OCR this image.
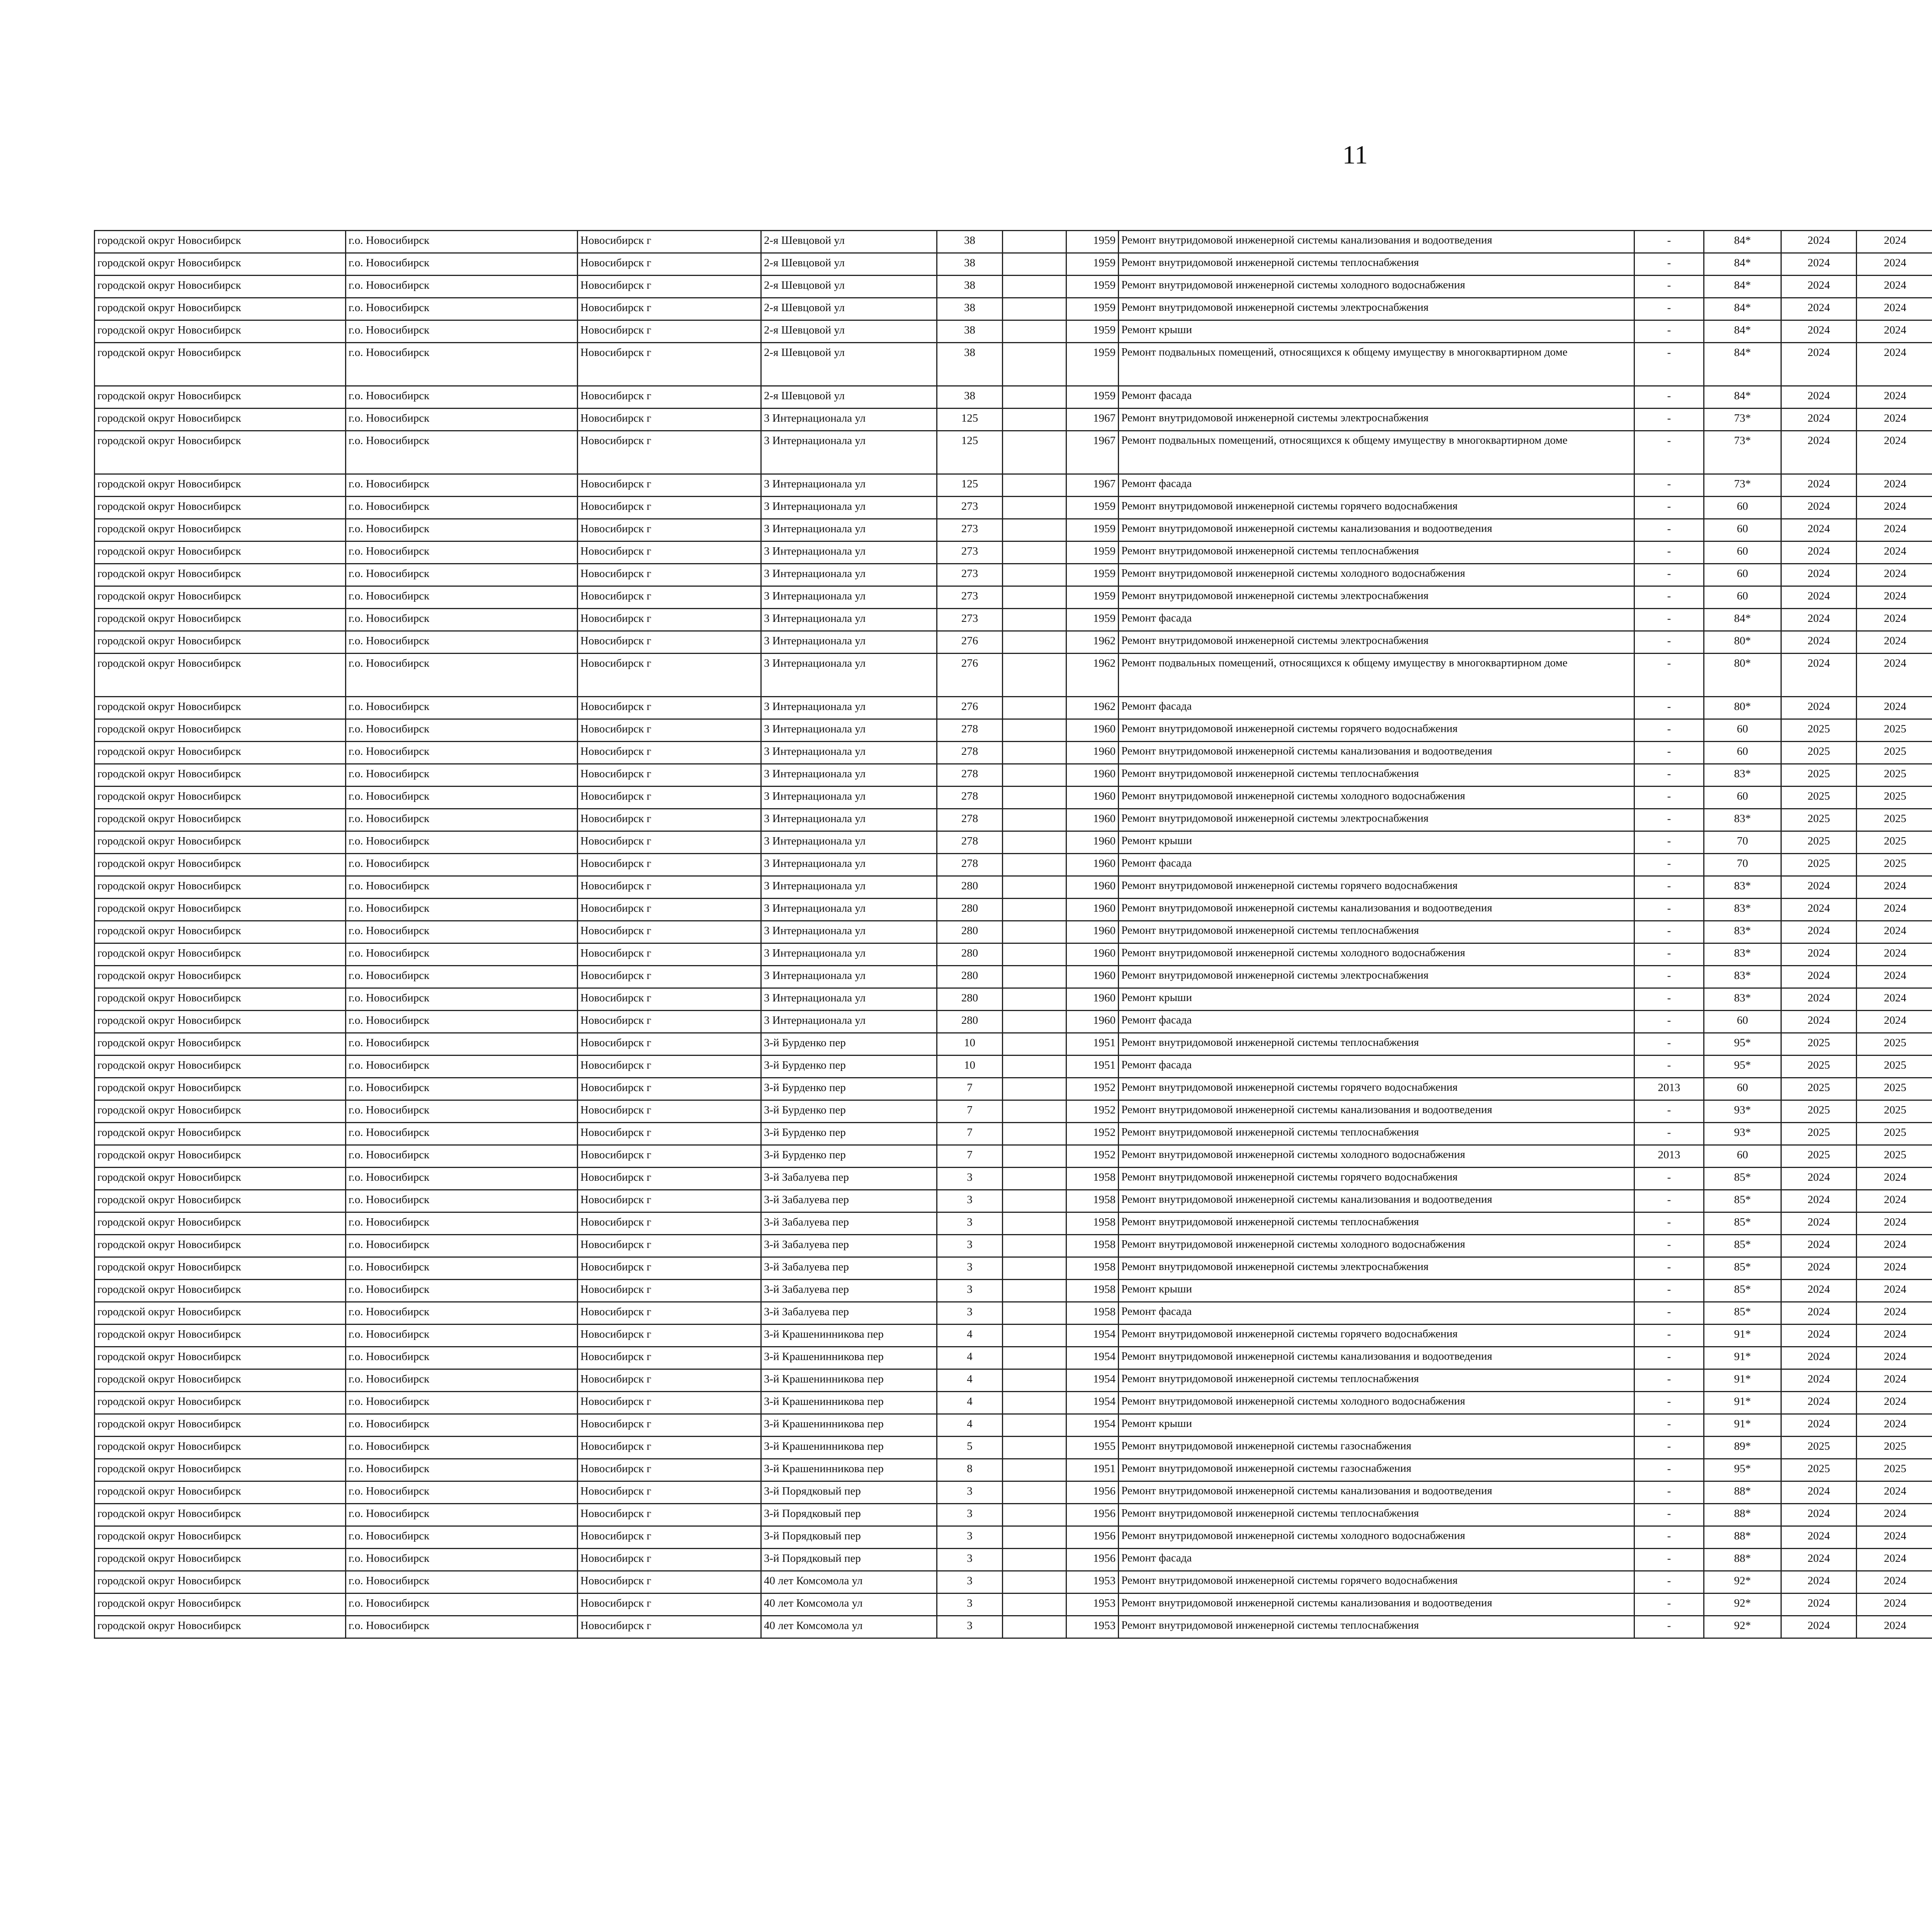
11
городской округ Новосибирск	г.о. Новосибирск	Новосибирск г	2-я Шевцовой ул	38		1959	Ремонт внутридомовой инженерной системы канализования и водоотведения	-	84*	2024	2024					
городской округ Новосибирск	г.о. Новосибирск	Новосибирск г	2-я Шевцовой ул	38		1959	Ремонт внутридомовой инженерной системы теплоснабжения	-	84*	2024	2024					
городской округ Новосибирск	г.о. Новосибирск	Новосибирск г	2-я Шевцовой ул	38		1959	Ремонт внутридомовой инженерной системы холодного водоснабжения	-	84*	2024	2024					
городской округ Новосибирск	г.о. Новосибирск	Новосибирск г	2-я Шевцовой ул	38		1959	Ремонт внутридомовой инженерной системы электроснабжения	-	84*	2024	2024					
городской округ Новосибирск	г.о. Новосибирск	Новосибирск г	2-я Шевцовой ул	38		1959	Ремонт крыши	-	84*	2024	2024					
городской округ Новосибирск	г.о. Новосибирск	Новосибирск г	2-я Шевцовой ул	38		1959	Ремонт подвальных помещений, относящихся к общему имуществу в многоквартирном доме	-	84*	2024	2024					
городской округ Новосибирск	г.о. Новосибирск	Новосибирск г	2-я Шевцовой ул	38		1959	Ремонт фасада	-	84*	2024	2024					
городской округ Новосибирск	г.о. Новосибирск	Новосибирск г	3 Интернационала ул	125		1967	Ремонт внутридомовой инженерной системы электроснабжения	-	73*	2024	2024					
городской округ Новосибирск	г.о. Новосибирск	Новосибирск г	3 Интернационала ул	125		1967	Ремонт подвальных помещений, относящихся к общему имуществу в многоквартирном доме	-	73*	2024	2024					
городской округ Новосибирск	г.о. Новосибирск	Новосибирск г	3 Интернационала ул	125		1967	Ремонт фасада	-	73*	2024	2024					
городской округ Новосибирск	г.о. Новосибирск	Новосибирск г	3 Интернационала ул	273		1959	Ремонт внутридомовой инженерной системы горячего водоснабжения	-	60	2024	2024					
городской округ Новосибирск	г.о. Новосибирск	Новосибирск г	3 Интернационала ул	273		1959	Ремонт внутридомовой инженерной системы канализования и водоотведения	-	60	2024	2024					
городской округ Новосибирск	г.о. Новосибирск	Новосибирск г	3 Интернационала ул	273		1959	Ремонт внутридомовой инженерной системы теплоснабжения	-	60	2024	2024					
городской округ Новосибирск	г.о. Новосибирск	Новосибирск г	3 Интернационала ул	273		1959	Ремонт внутридомовой инженерной системы холодного водоснабжения	-	60	2024	2024					
городской округ Новосибирск	г.о. Новосибирск	Новосибирск г	3 Интернационала ул	273		1959	Ремонт внутридомовой инженерной системы электроснабжения	-	60	2024	2024					
городской округ Новосибирск	г.о. Новосибирск	Новосибирск г	3 Интернационала ул	273		1959	Ремонт фасада	-	84*	2024	2024					
городской округ Новосибирск	г.о. Новосибирск	Новосибирск г	3 Интернационала ул	276		1962	Ремонт внутридомовой инженерной системы электроснабжения	-	80*	2024	2024					
городской округ Новосибирск	г.о. Новосибирск	Новосибирск г	3 Интернационала ул	276		1962	Ремонт подвальных помещений, относящихся к общему имуществу в многоквартирном доме	-	80*	2024	2024					
городской округ Новосибирск	г.о. Новосибирск	Новосибирск г	3 Интернационала ул	276		1962	Ремонт фасада	-	80*	2024	2024					
городской округ Новосибирск	г.о. Новосибирск	Новосибирск г	3 Интернационала ул	278		1960	Ремонт внутридомовой инженерной системы горячего водоснабжения	-	60	2025	2025					
городской округ Новосибирск	г.о. Новосибирск	Новосибирск г	3 Интернационала ул	278		1960	Ремонт внутридомовой инженерной системы канализования и водоотведения	-	60	2025	2025					
городской округ Новосибирск	г.о. Новосибирск	Новосибирск г	3 Интернационала ул	278		1960	Ремонт внутридомовой инженерной системы теплоснабжения	-	83*	2025	2025					
городской округ Новосибирск	г.о. Новосибирск	Новосибирск г	3 Интернационала ул	278		1960	Ремонт внутридомовой инженерной системы холодного водоснабжения	-	60	2025	2025					
городской округ Новосибирск	г.о. Новосибирск	Новосибирск г	3 Интернационала ул	278		1960	Ремонт внутридомовой инженерной системы электроснабжения	-	83*	2025	2025					
городской округ Новосибирск	г.о. Новосибирск	Новосибирск г	3 Интернационала ул	278		1960	Ремонт крыши	-	70	2025	2025					
городской округ Новосибирск	г.о. Новосибирск	Новосибирск г	3 Интернационала ул	278		1960	Ремонт фасада	-	70	2025	2025					
городской округ Новосибирск	г.о. Новосибирск	Новосибирск г	3 Интернационала ул	280		1960	Ремонт внутридомовой инженерной системы горячего водоснабжения	-	83*	2024	2024					
городской округ Новосибирск	г.о. Новосибирск	Новосибирск г	3 Интернационала ул	280		1960	Ремонт внутридомовой инженерной системы канализования и водоотведения	-	83*	2024	2024					
городской округ Новосибирск	г.о. Новосибирск	Новосибирск г	3 Интернационала ул	280		1960	Ремонт внутридомовой инженерной системы теплоснабжения	-	83*	2024	2024					
городской округ Новосибирск	г.о. Новосибирск	Новосибирск г	3 Интернационала ул	280		1960	Ремонт внутридомовой инженерной системы холодного водоснабжения	-	83*	2024	2024					
городской округ Новосибирск	г.о. Новосибирск	Новосибирск г	3 Интернационала ул	280		1960	Ремонт внутридомовой инженерной системы электроснабжения	-	83*	2024	2024					
городской округ Новосибирск	г.о. Новосибирск	Новосибирск г	3 Интернационала ул	280		1960	Ремонт крыши	-	83*	2024	2024					
городской округ Новосибирск	г.о. Новосибирск	Новосибирск г	3 Интернационала ул	280		1960	Ремонт фасада	-	60	2024	2024					
городской округ Новосибирск	г.о. Новосибирск	Новосибирск г	3-й Бурденко пер	10		1951	Ремонт внутридомовой инженерной системы теплоснабжения	-	95*	2025	2025					
городской округ Новосибирск	г.о. Новосибирск	Новосибирск г	3-й Бурденко пер	10		1951	Ремонт фасада	-	95*	2025	2025					
городской округ Новосибирск	г.о. Новосибирск	Новосибирск г	3-й Бурденко пер	7		1952	Ремонт внутридомовой инженерной системы горячего водоснабжения	2013	60	2025	2025					
городской округ Новосибирск	г.о. Новосибирск	Новосибирск г	3-й Бурденко пер	7		1952	Ремонт внутридомовой инженерной системы канализования и водоотведения	-	93*	2025	2025					
городской округ Новосибирск	г.о. Новосибирск	Новосибирск г	3-й Бурденко пер	7		1952	Ремонт внутридомовой инженерной системы теплоснабжения	-	93*	2025	2025					
городской округ Новосибирск	г.о. Новосибирск	Новосибирск г	3-й Бурденко пер	7		1952	Ремонт внутридомовой инженерной системы холодного водоснабжения	2013	60	2025	2025					
городской округ Новосибирск	г.о. Новосибирск	Новосибирск г	3-й Забалуева пер	3		1958	Ремонт внутридомовой инженерной системы горячего водоснабжения	-	85*	2024	2024					
городской округ Новосибирск	г.о. Новосибирск	Новосибирск г	3-й Забалуева пер	3		1958	Ремонт внутридомовой инженерной системы канализования и водоотведения	-	85*	2024	2024					
городской округ Новосибирск	г.о. Новосибирск	Новосибирск г	3-й Забалуева пер	3		1958	Ремонт внутридомовой инженерной системы теплоснабжения	-	85*	2024	2024					
городской округ Новосибирск	г.о. Новосибирск	Новосибирск г	3-й Забалуева пер	3		1958	Ремонт внутридомовой инженерной системы холодного водоснабжения	-	85*	2024	2024					
городской округ Новосибирск	г.о. Новосибирск	Новосибирск г	3-й Забалуева пер	3		1958	Ремонт внутридомовой инженерной системы электроснабжения	-	85*	2024	2024					
городской округ Новосибирск	г.о. Новосибирск	Новосибирск г	3-й Забалуева пер	3		1958	Ремонт крыши	-	85*	2024	2024					
городской округ Новосибирск	г.о. Новосибирск	Новосибирск г	3-й Забалуева пер	3		1958	Ремонт фасада	-	85*	2024	2024					
городской округ Новосибирск	г.о. Новосибирск	Новосибирск г	3-й Крашенинникова пер	4		1954	Ремонт внутридомовой инженерной системы горячего водоснабжения	-	91*	2024	2024					
городской округ Новосибирск	г.о. Новосибирск	Новосибирск г	3-й Крашенинникова пер	4		1954	Ремонт внутридомовой инженерной системы канализования и водоотведения	-	91*	2024	2024					
городской округ Новосибирск	г.о. Новосибирск	Новосибирск г	3-й Крашенинникова пер	4		1954	Ремонт внутридомовой инженерной системы теплоснабжения	-	91*	2024	2024					
городской округ Новосибирск	г.о. Новосибирск	Новосибирск г	3-й Крашенинникова пер	4		1954	Ремонт внутридомовой инженерной системы холодного водоснабжения	-	91*	2024	2024					
городской округ Новосибирск	г.о. Новосибирск	Новосибирск г	3-й Крашенинникова пер	4		1954	Ремонт крыши	-	91*	2024	2024					
городской округ Новосибирск	г.о. Новосибирск	Новосибирск г	3-й Крашенинникова пер	5		1955	Ремонт внутридомовой инженерной системы газоснабжения	-	89*	2025	2025					
городской округ Новосибирск	г.о. Новосибирск	Новосибирск г	3-й Крашенинникова пер	8		1951	Ремонт внутридомовой инженерной системы газоснабжения	-	95*	2025	2025					
городской округ Новосибирск	г.о. Новосибирск	Новосибирск г	3-й Порядковый пер	3		1956	Ремонт внутридомовой инженерной системы канализования и водоотведения	-	88*	2024	2024					
городской округ Новосибирск	г.о. Новосибирск	Новосибирск г	3-й Порядковый пер	3		1956	Ремонт внутридомовой инженерной системы теплоснабжения	-	88*	2024	2024					
городской округ Новосибирск	г.о. Новосибирск	Новосибирск г	3-й Порядковый пер	3		1956	Ремонт внутридомовой инженерной системы холодного водоснабжения	-	88*	2024	2024					
городской округ Новосибирск	г.о. Новосибирск	Новосибирск г	3-й Порядковый пер	3		1956	Ремонт фасада	-	88*	2024	2024					
городской округ Новосибирск	г.о. Новосибирск	Новосибирск г	40 лет Комсомола ул	3		1953	Ремонт внутридомовой инженерной системы горячего водоснабжения	-	92*	2024	2024					
городской округ Новосибирск	г.о. Новосибирск	Новосибирск г	40 лет Комсомола ул	3		1953	Ремонт внутридомовой инженерной системы канализования и водоотведения	-	92*	2024	2024					
городской округ Новосибирск	г.о. Новосибирск	Новосибирск г	40 лет Комсомола ул	3		1953	Ремонт внутридомовой инженерной системы теплоснабжения	-	92*	2024	2024					
